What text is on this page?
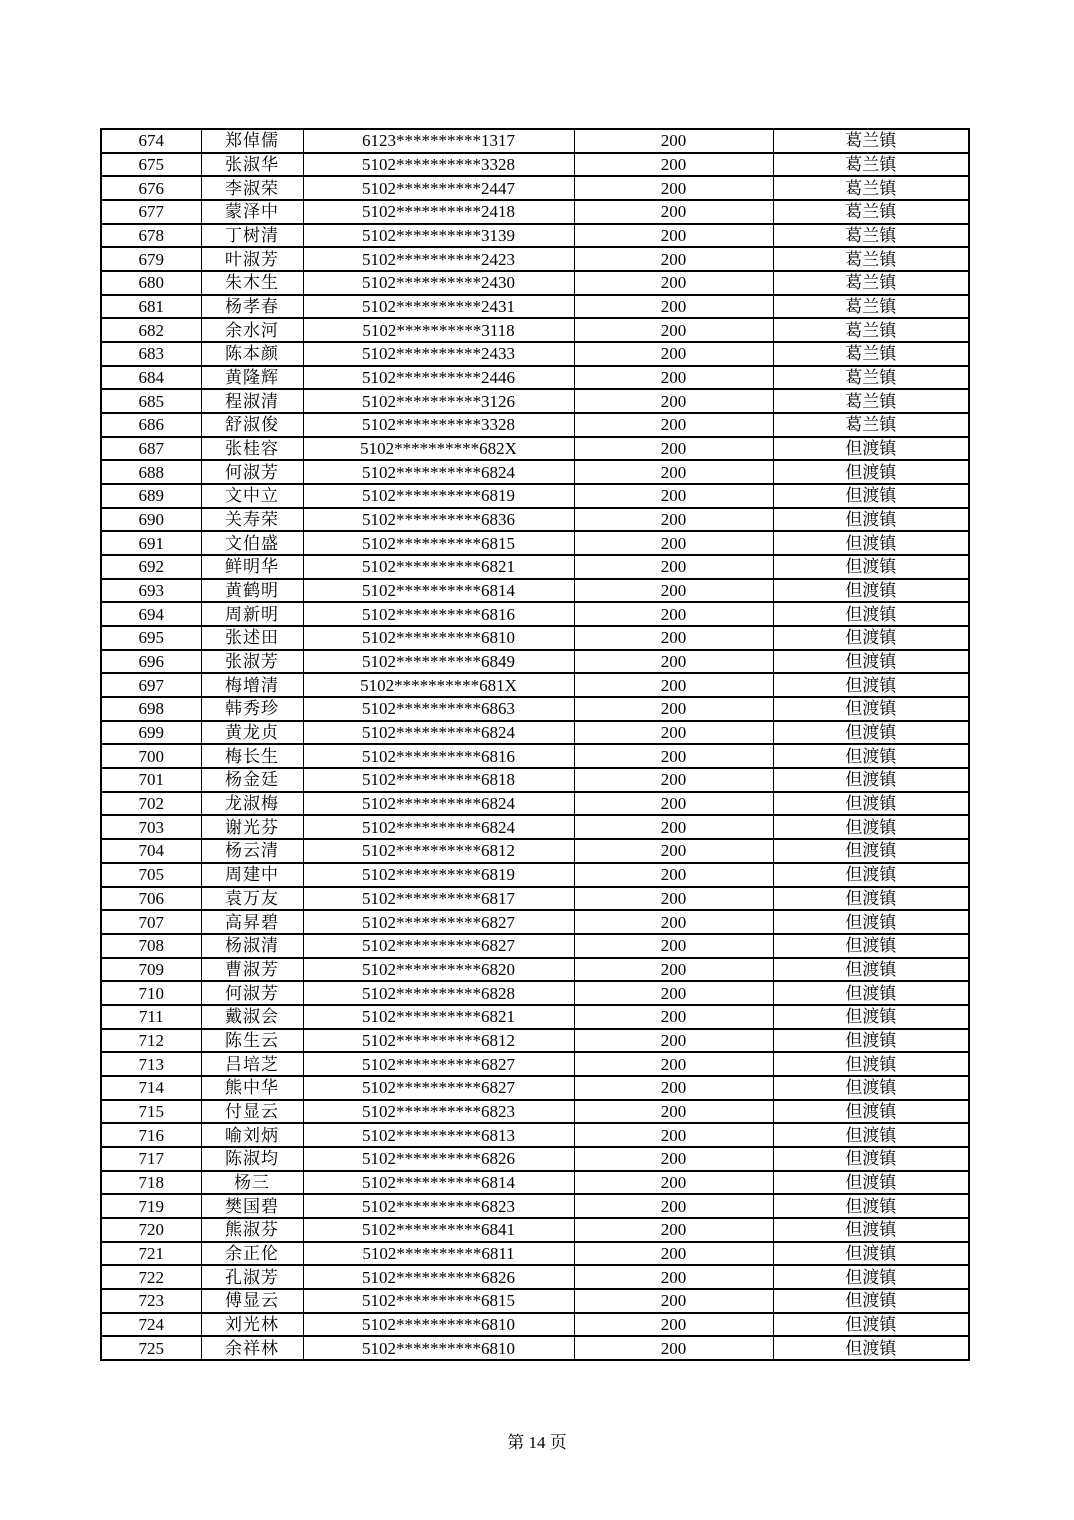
674	郑倬儒	6123**********1317	200	葛兰镇
675	张淑华	5102**********3328	200	葛兰镇
676	李淑荣	5102**********2447	200	葛兰镇
677	蒙泽中	5102**********2418	200	葛兰镇
678	丁树清	5102**********3139	200	葛兰镇
679	叶淑芳	5102**********2423	200	葛兰镇
680	朱木生	5102**********2430	200	葛兰镇
681	杨孝春	5102**********2431	200	葛兰镇
682	余水河	5102**********3118	200	葛兰镇
683	陈本颜	5102**********2433	200	葛兰镇
684	黄隆辉	5102**********2446	200	葛兰镇
685	程淑清	5102**********3126	200	葛兰镇
686	舒淑俊	5102**********3328	200	葛兰镇
687	张桂容	5102**********682X	200	但渡镇
688	何淑芳	5102**********6824	200	但渡镇
689	文中立	5102**********6819	200	但渡镇
690	关寿荣	5102**********6836	200	但渡镇
691	文伯盛	5102**********6815	200	但渡镇
692	鲜明华	5102**********6821	200	但渡镇
693	黄鹤明	5102**********6814	200	但渡镇
694	周新明	5102**********6816	200	但渡镇
695	张述田	5102**********6810	200	但渡镇
696	张淑芳	5102**********6849	200	但渡镇
697	梅增清	5102**********681X	200	但渡镇
698	韩秀珍	5102**********6863	200	但渡镇
699	黄龙贞	5102**********6824	200	但渡镇
700	梅长生	5102**********6816	200	但渡镇
701	杨金廷	5102**********6818	200	但渡镇
702	龙淑梅	5102**********6824	200	但渡镇
703	谢光芬	5102**********6824	200	但渡镇
704	杨云清	5102**********6812	200	但渡镇
705	周建中	5102**********6819	200	但渡镇
706	袁万友	5102**********6817	200	但渡镇
707	高昇碧	5102**********6827	200	但渡镇
708	杨淑清	5102**********6827	200	但渡镇
709	曹淑芳	5102**********6820	200	但渡镇
710	何淑芳	5102**********6828	200	但渡镇
711	戴淑会	5102**********6821	200	但渡镇
712	陈生云	5102**********6812	200	但渡镇
713	吕培芝	5102**********6827	200	但渡镇
714	熊中华	5102**********6827	200	但渡镇
715	付显云	5102**********6823	200	但渡镇
716	喻刘炳	5102**********6813	200	但渡镇
717	陈淑均	5102**********6826	200	但渡镇
718	杨三	5102**********6814	200	但渡镇
719	樊国碧	5102**********6823	200	但渡镇
720	熊淑芬	5102**********6841	200	但渡镇
721	余正伦	5102**********6811	200	但渡镇
722	孔淑芳	5102**********6826	200	但渡镇
723	傅显云	5102**********6815	200	但渡镇
724	刘光林	5102**********6810	200	但渡镇
725	余祥林	5102**********6810	200	但渡镇
第 14 页
